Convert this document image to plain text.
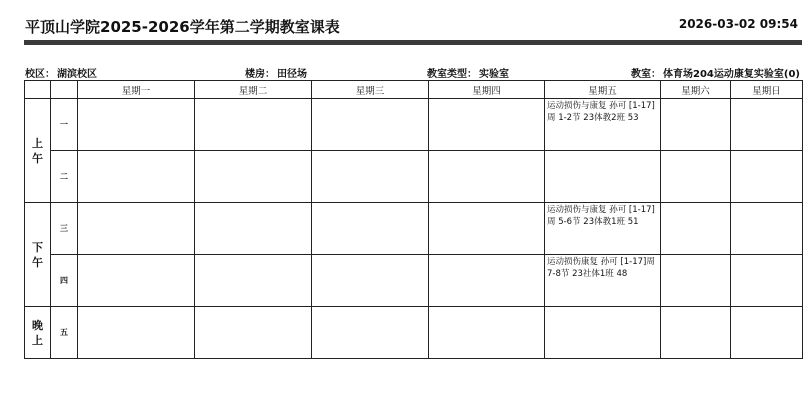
平顶山学院2025-2026学年第二学期教室课表	2026-03-02 09:54
校区： 湖滨校区	楼房： 田径场	教室类型： 实验室	教室： 体育场204运动康复实验室(0)
		星期一	星期二	星期三	星期四	星期五	星期六	星期日
上午	一					运动损伤与康复 孙可 [1-17]周 1-2节 23体教2班 53		

	二							
下午	三					运动损伤与康复 孙可 [1-17]周 5-6节 23体教1班 51		

	四					运动损伤康复 孙可 [1-17]周 7-8节 23社体1班 48		

晚上	五							
